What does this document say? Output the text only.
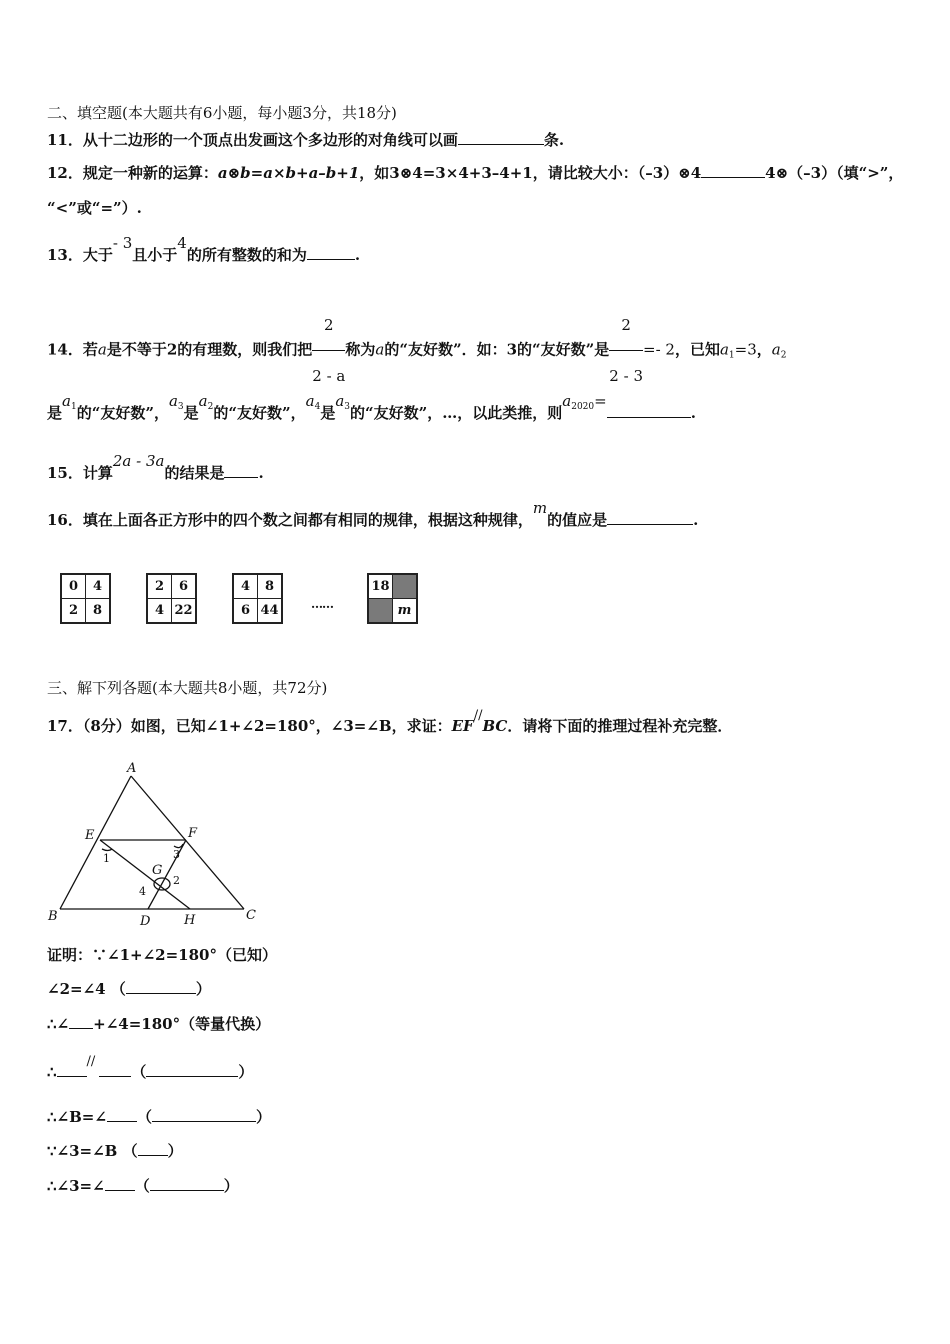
二、填空题(本大题共有6小题，每小题3分，共18分)
11．从十二边形的一个顶点出发画这个多边形的对角线可以画	条.
12．规定一种新的运算：a⊗b=a×b+a–b+1，如3⊗4=3×4+3–4+1，请比较大小：（–3）⊗4	4⊗（–3）（填“>”，
“<”或“=”）.
13．大于- 3且小于4的所有整数的和为	.
14．若a是不等于2的有理数，则我们把 $\frac{2}{2 - a}$ 称为a的“友好数”．如：3的“友好数”是 $\frac{2}{2 - 3} =- 2$，已知$a_1=3$，$a_2$
是$a_1$的“友好数”，$a_3$是$a_2$的“友好数”，$a_4$是$a_3$的“友好数”，…，以此类推，则$a_{2020}=$.
15．计算2a - 3a的结果是 .
16．填在上面各正方形中的四个数之间都有相同的规律，根据这种规律，m的值应是	.
0	4
2	8
2	6
4	22
4	8
6	44	……
18	
	m
三、解下列各题(本大题共8小题，共72分)
17．（8分）如图，已知∠1+∠2=180°，∠3=∠B，求证：EF//BC．请将下面的推理过程补充完整．
A
B	C
D
E	F
G
H
1	3
2
4
证明：∵∠1+∠2=180°（已知）
∠2=∠4 （	）
∴∠ +∠4=180°（等量代换）
∴//（	）
∴∠B=∠ （	）
∵∠3=∠B （ ）
∴∠3=∠ （	）
